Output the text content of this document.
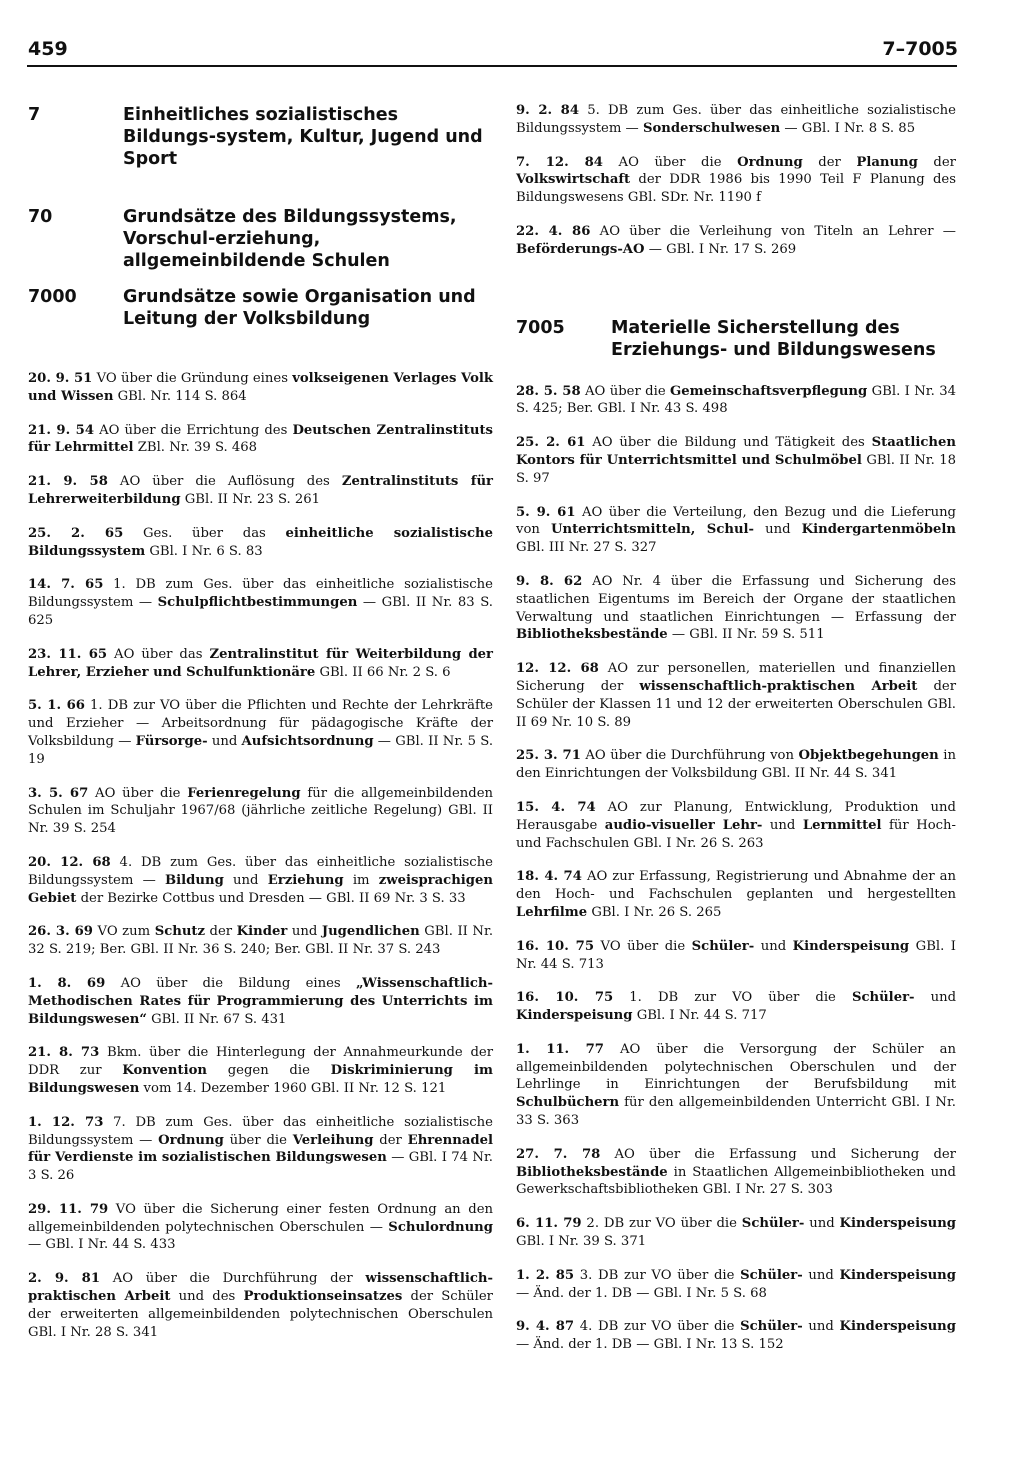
459	7–7005
7	Einheitliches sozialistisches Bildungs-system, Kultur, Jugend und Sport
70	Grundsätze des Bildungssystems, Vorschul-erziehung, allgemeinbildende Schulen
7000	Grundsätze sowie Organisation und Leitung der Volksbildung

20. 9. 51 VO über die Gründung eines volkseigenen Verlages Volk und Wissen GBl. Nr. 114 S. 864

21. 9. 54 AO über die Errichtung des Deutschen Zentralinstituts für Lehrmittel ZBl. Nr. 39 S. 468

21. 9. 58 AO über die Auflösung des Zentralinstituts für Lehrerweiterbildung GBl. II Nr. 23 S. 261

25. 2. 65 Ges. über das einheitliche sozialistische Bildungssystem GBl. I Nr. 6 S. 83

14. 7. 65 1. DB zum Ges. über das einheitliche sozialistische Bildungssystem — Schulpflichtbestimmungen — GBl. II Nr. 83 S. 625

23. 11. 65 AO über das Zentralinstitut für Weiterbildung der Lehrer, Erzieher und Schulfunktionäre GBl. II 66 Nr. 2 S. 6

5. 1. 66 1. DB zur VO über die Pflichten und Rechte der Lehrkräfte und Erzieher — Arbeitsordnung für pädagogische Kräfte der Volksbildung — Fürsorge- und Aufsichtsordnung — GBl. II Nr. 5 S. 19

3. 5. 67 AO über die Ferienregelung für die allgemeinbildenden Schulen im Schuljahr 1967/68 (jährliche zeitliche Regelung) GBl. II Nr. 39 S. 254

20. 12. 68 4. DB zum Ges. über das einheitliche sozialistische Bildungssystem — Bildung und Erziehung im zweisprachigen Gebiet der Bezirke Cottbus und Dresden — GBl. II 69 Nr. 3 S. 33

26. 3. 69 VO zum Schutz der Kinder und Jugendlichen GBl. II Nr. 32 S. 219; Ber. GBl. II Nr. 36 S. 240; Ber. GBl. II Nr. 37 S. 243

1. 8. 69 AO über die Bildung eines „Wissenschaftlich-Methodischen Rates für Programmierung des Unterrichts im Bildungswesen“ GBl. II Nr. 67 S. 431

21. 8. 73 Bkm. über die Hinterlegung der Annahmeurkunde der DDR zur Konvention gegen die Diskriminierung im Bildungswesen vom 14. Dezember 1960 GBl. II Nr. 12 S. 121

1. 12. 73 7. DB zum Ges. über das einheitliche sozialistische Bildungssystem — Ordnung über die Verleihung der Ehrennadel für Verdienste im sozialistischen Bildungswesen — GBl. I 74 Nr. 3 S. 26

29. 11. 79 VO über die Sicherung einer festen Ordnung an den allgemeinbildenden polytechnischen Oberschulen — Schulordnung — GBl. I Nr. 44 S. 433

2. 9. 81 AO über die Durchführung der wissenschaftlich-praktischen Arbeit und des Produktionseinsatzes der Schüler der erweiterten allgemeinbildenden polytechnischen Oberschulen GBl. I Nr. 28 S. 341

9. 2. 84 5. DB zum Ges. über das einheitliche sozialistische Bildungssystem — Sonderschulwesen — GBl. I Nr. 8 S. 85

7. 12. 84 AO über die Ordnung der Planung der Volkswirtschaft der DDR 1986 bis 1990 Teil F Planung des Bildungswesens GBl. SDr. Nr. 1190 f

22. 4. 86 AO über die Verleihung von Titeln an Lehrer — Beförderungs-AO — GBl. I Nr. 17 S. 269

7005	Materielle Sicherstellung des Erziehungs- und Bildungswesens

28. 5. 58 AO über die Gemeinschaftsverpflegung GBl. I Nr. 34 S. 425; Ber. GBl. I Nr. 43 S. 498

25. 2. 61 AO über die Bildung und Tätigkeit des Staatlichen Kontors für Unterrichtsmittel und Schulmöbel GBl. II Nr. 18 S. 97

5. 9. 61 AO über die Verteilung, den Bezug und die Lieferung von Unterrichtsmitteln, Schul- und Kindergartenmöbeln GBl. III Nr. 27 S. 327

9. 8. 62 AO Nr. 4 über die Erfassung und Sicherung des staatlichen Eigentums im Bereich der Organe der staatlichen Verwaltung und staatlichen Einrichtungen — Erfassung der Bibliotheksbestände — GBl. II Nr. 59 S. 511

12. 12. 68 AO zur personellen, materiellen und finanziellen Sicherung der wissenschaftlich-praktischen Arbeit der Schüler der Klassen 11 und 12 der erweiterten Oberschulen GBl. II 69 Nr. 10 S. 89

25. 3. 71 AO über die Durchführung von Objektbegehungen in den Einrichtungen der Volksbildung GBl. II Nr. 44 S. 341

15. 4. 74 AO zur Planung, Entwicklung, Produktion und Herausgabe audio-visueller Lehr- und Lernmittel für Hoch- und Fachschulen GBl. I Nr. 26 S. 263

18. 4. 74 AO zur Erfassung, Registrierung und Abnahme der an den Hoch- und Fachschulen geplanten und hergestellten Lehrfilme GBl. I Nr. 26 S. 265

16. 10. 75 VO über die Schüler- und Kinderspeisung GBl. I Nr. 44 S. 713

16. 10. 75 1. DB zur VO über die Schüler- und Kinderspeisung GBl. I Nr. 44 S. 717

1. 11. 77 AO über die Versorgung der Schüler an allgemeinbildenden polytechnischen Oberschulen und der Lehrlinge in Einrichtungen der Berufsbildung mit Schulbüchern für den allgemeinbildenden Unterricht GBl. I Nr. 33 S. 363

27. 7. 78 AO über die Erfassung und Sicherung der Bibliotheksbestände in Staatlichen Allgemeinbibliotheken und Gewerkschaftsbibliotheken GBl. I Nr. 27 S. 303

6. 11. 79 2. DB zur VO über die Schüler- und Kinderspeisung GBl. I Nr. 39 S. 371

1. 2. 85 3. DB zur VO über die Schüler- und Kinderspeisung — Änd. der 1. DB — GBl. I Nr. 5 S. 68

9. 4. 87 4. DB zur VO über die Schüler- und Kinderspeisung — Änd. der 1. DB — GBl. I Nr. 13 S. 152
